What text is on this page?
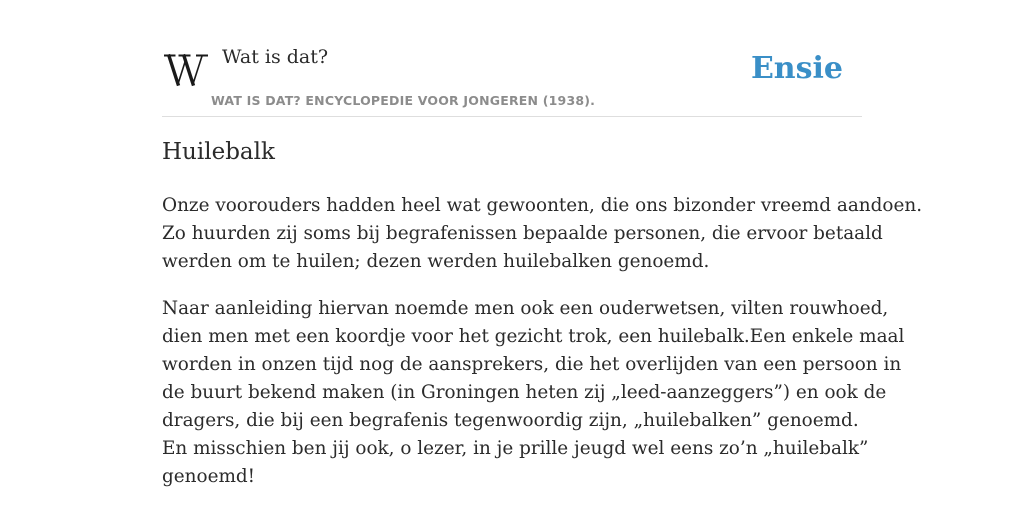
Wat is dat?
WAT IS DAT? ENCYCLOPEDIE VOOR JONGEREN (1938).
Ensie
Huilebalk

Onze voorouders hadden heel wat gewoonten, die ons bizonder vreemd aandoen.
Zo huurden zij soms bij begrafenissen bepaalde personen, die ervoor betaald
werden om te huilen; dezen werden huilebalken genoemd.

Naar aanleiding hiervan noemde men ook een ouderwetsen, vilten rouwhoed,
dien men met een koordje voor het gezicht trok, een huilebalk.Een enkele maal
worden in onzen tijd nog de aansprekers, die het overlijden van een persoon in
de buurt bekend maken (in Groningen heten zij „leed-aanzeggers”) en ook de
dragers, die bij een begrafenis tegenwoordig zijn, „huilebalken” genoemd.
En misschien ben jij ook, o lezer, in je prille jeugd wel eens zo’n „huilebalk”
genoemd!
